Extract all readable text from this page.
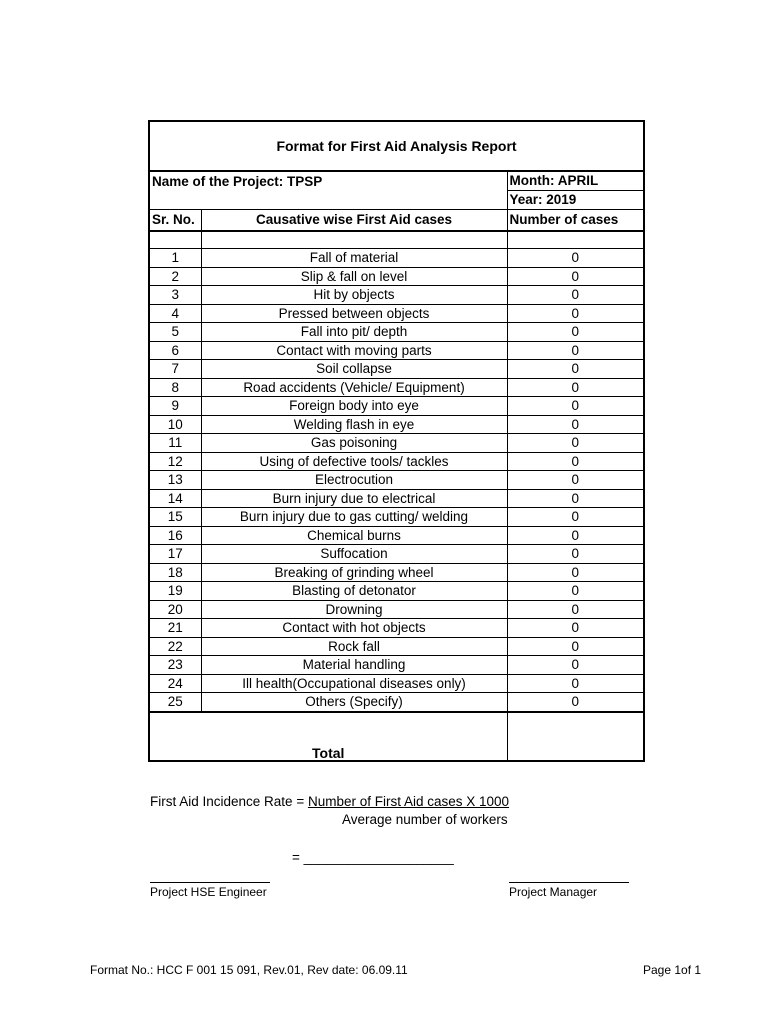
Format for First Aid Analysis Report		
Name of the Project: TPSP		Month: APRIL
		Year: 2019
Sr. No.	Causative wise First Aid cases	Number of cases

1	Fall of material	0
2	Slip & fall on level	0
3	Hit by objects	0
4	Pressed between objects	0
5	Fall into pit/ depth	0
6	Contact with moving parts	0
7	Soil collapse	0
8	Road accidents (Vehicle/ Equipment)	0
9	Foreign body into eye	0
10	Welding flash in eye	0
11	Gas poisoning	0
12	Using of defective tools/ tackles	0
13	Electrocution	0
14	Burn injury due to electrical	0
15	Burn injury due to gas cutting/ welding	0
16	Chemical burns	0
17	Suffocation	0
18	Breaking of grinding wheel	0
19	Blasting of detonator	0
20	Drowning	0
21	Contact with hot objects	0
22	Rock fall	0
23	Material handling	0
24	Ill health(Occupational diseases only)	0
25	Others (Specify)	0
Total		
First Aid Incidence Rate = Number of First Aid cases X 1000
Average number of workers
= ____________________
Project HSE Engineer	Project Manager
Format No.: HCC F 001 15 091, Rev.01, Rev date: 06.09.11	Page 1of 1
